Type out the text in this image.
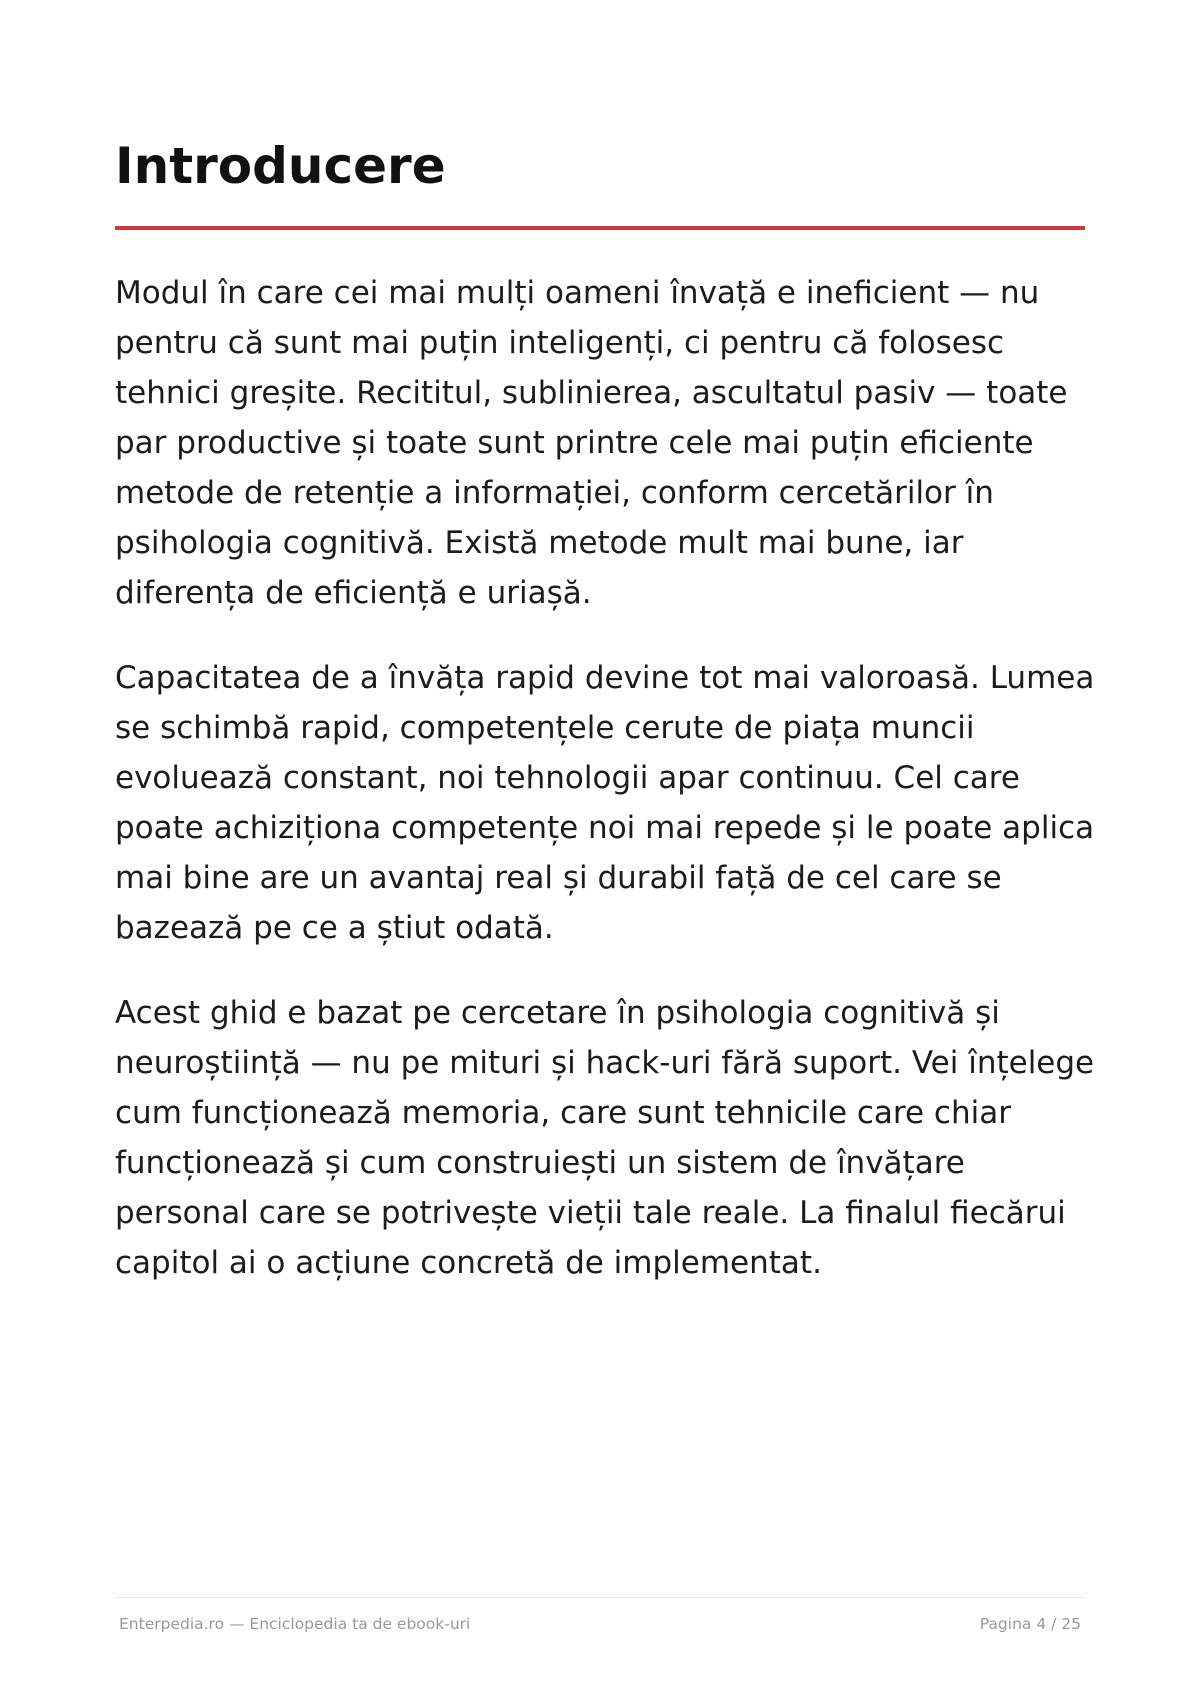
Introducere

Modul în care cei mai mulți oameni învață e ineficient — nu pentru că sunt mai puțin inteligenți, ci pentru că folosesc tehnici greșite. Recititul, sublinierea, ascultatul pasiv — toate par productive și toate sunt printre cele mai puțin eficiente metode de retenție a informației, conform cercetărilor în psihologia cognitivă. Există metode mult mai bune, iar diferența de eficiență e uriașă.

Capacitatea de a învăța rapid devine tot mai valoroasă. Lumea se schimbă rapid, competențele cerute de piața muncii evoluează constant, noi tehnologii apar continuu. Cel care poate achiziționa competențe noi mai repede și le poate aplica mai bine are un avantaj real și durabil față de cel care se bazează pe ce a știut odată.

Acest ghid e bazat pe cercetare în psihologia cognitivă și neuroștiință — nu pe mituri și hack-uri fără suport. Vei înțelege cum funcționează memoria, care sunt tehnicile care chiar funcționează și cum construiești un sistem de învățare personal care se potrivește vieții tale reale. La finalul fiecărui capitol ai o acțiune concretă de implementat.

Enterpedia.ro — Enciclopedia ta de ebook-uri	Pagina 4 / 25
